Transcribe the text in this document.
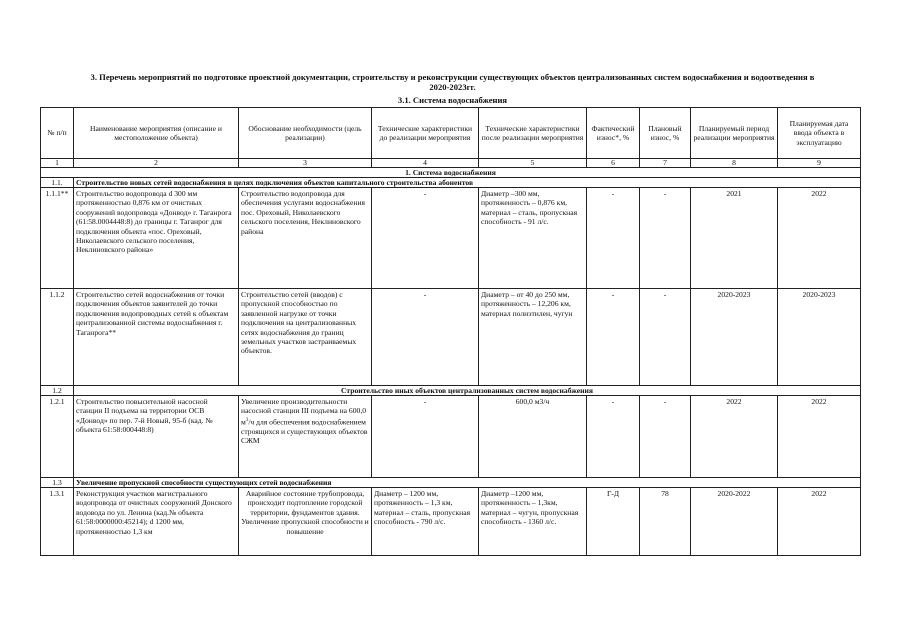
3. Перечень мероприятий по подготовке проектной документации, строительству и реконструкции существующих объектов централизованных систем водоснабжения и водоотведения в
2020-2023гг.
3.1. Система водоснабжения
№ п/п	Наименование мероприятия (описание и местоположение объекта)	Обоснование необходимости (цель реализации)	Технические характеристики до реализации мероприятия	Технические характеристики после реализации мероприятия	Фактический износ*, %	Плановый износ, %	Планируемый период реализации мероприятия	Планируемая дата ввода объекта в эксплуатацию
1	2	3	4	5	6	7	8	9
1. Система водоснабжения								
1.1.	Строительство новых сетей водоснабжения в целях подключения объектов капитального строительства абонентов							
1.1.1**	Строительство водопровода d 300 мм протяженностью 0,876 км от очистных сооружений водопровода «Донвод» г. Таганрога (61:58.0004448:8) до границы г. Таганрог для подключения объекта «пос. Ореховый, Николаевского сельского поселения, Неклиновского района»	Строительство водопровода для обеспечения услугами водоснабжения пос. Ореховый, Николаевского сельского поселения, Неклиновского района	-	Диаметр –300 мм, протяженность – 0,876 км, материал – сталь, пропускная способность - 91 л/с.	-	-	2021	2022
1.1.2	Строительство сетей водоснабжения от точки подключения объектов заявителей до точки подключения водопроводных сетей к объектам централизованной системы водоснабжения г. Таганрога**	Строительство сетей (вводов) с пропускной способностью по заявленной нагрузке от точки подключения на централизованных сетях водоснабжения до границ земельных участков застраиваемых объектов.	-	Диаметр – от 40 до 250 мм, протяженность – 12,206 км, материал полиэтилен, чугун	-	-	2020-2023	2020-2023
1.2	Строительство иных объектов централизованных систем водоснабжения							
1.2.1	Строительство повысительной насосной станции II подъема на территории ОСВ «Донвод» по пер. 7-й Новый, 95-б (кад. № объекта 61:58:000448:8)	Увеличение производительности насосной станции III подъема на 600,0 $м^3/ч$ для обеспечения водоснабжением строящихся и существующих объектов СЖМ	-	600,0 м3/ч	-	-	2022	2022
1.3	Увеличение пропускной способности существующих сетей водоснабжения							
1.3.1	Реконструкция участков магистрального водопровода от очистных сооружений Донского водовода по ул. Ленина (кад.№ объекта 61:58:0000000:45214); d 1200 мм, протяженностью 1,3 км	Аварийное состояние трубопровода, происходит подтопление городской территории, фундаментов здания. Увеличение пропускной способности и повышение	Диаметр – 1200 мм, протяженность – 1,3 км, материал – сталь, пропускная способность - 790 л/с.	Диаметр –1200 мм, протяженность – 1,3км, материал – чугун, пропускная способность - 1360 л/с.	Г-Д	78	2020-2022	2022
